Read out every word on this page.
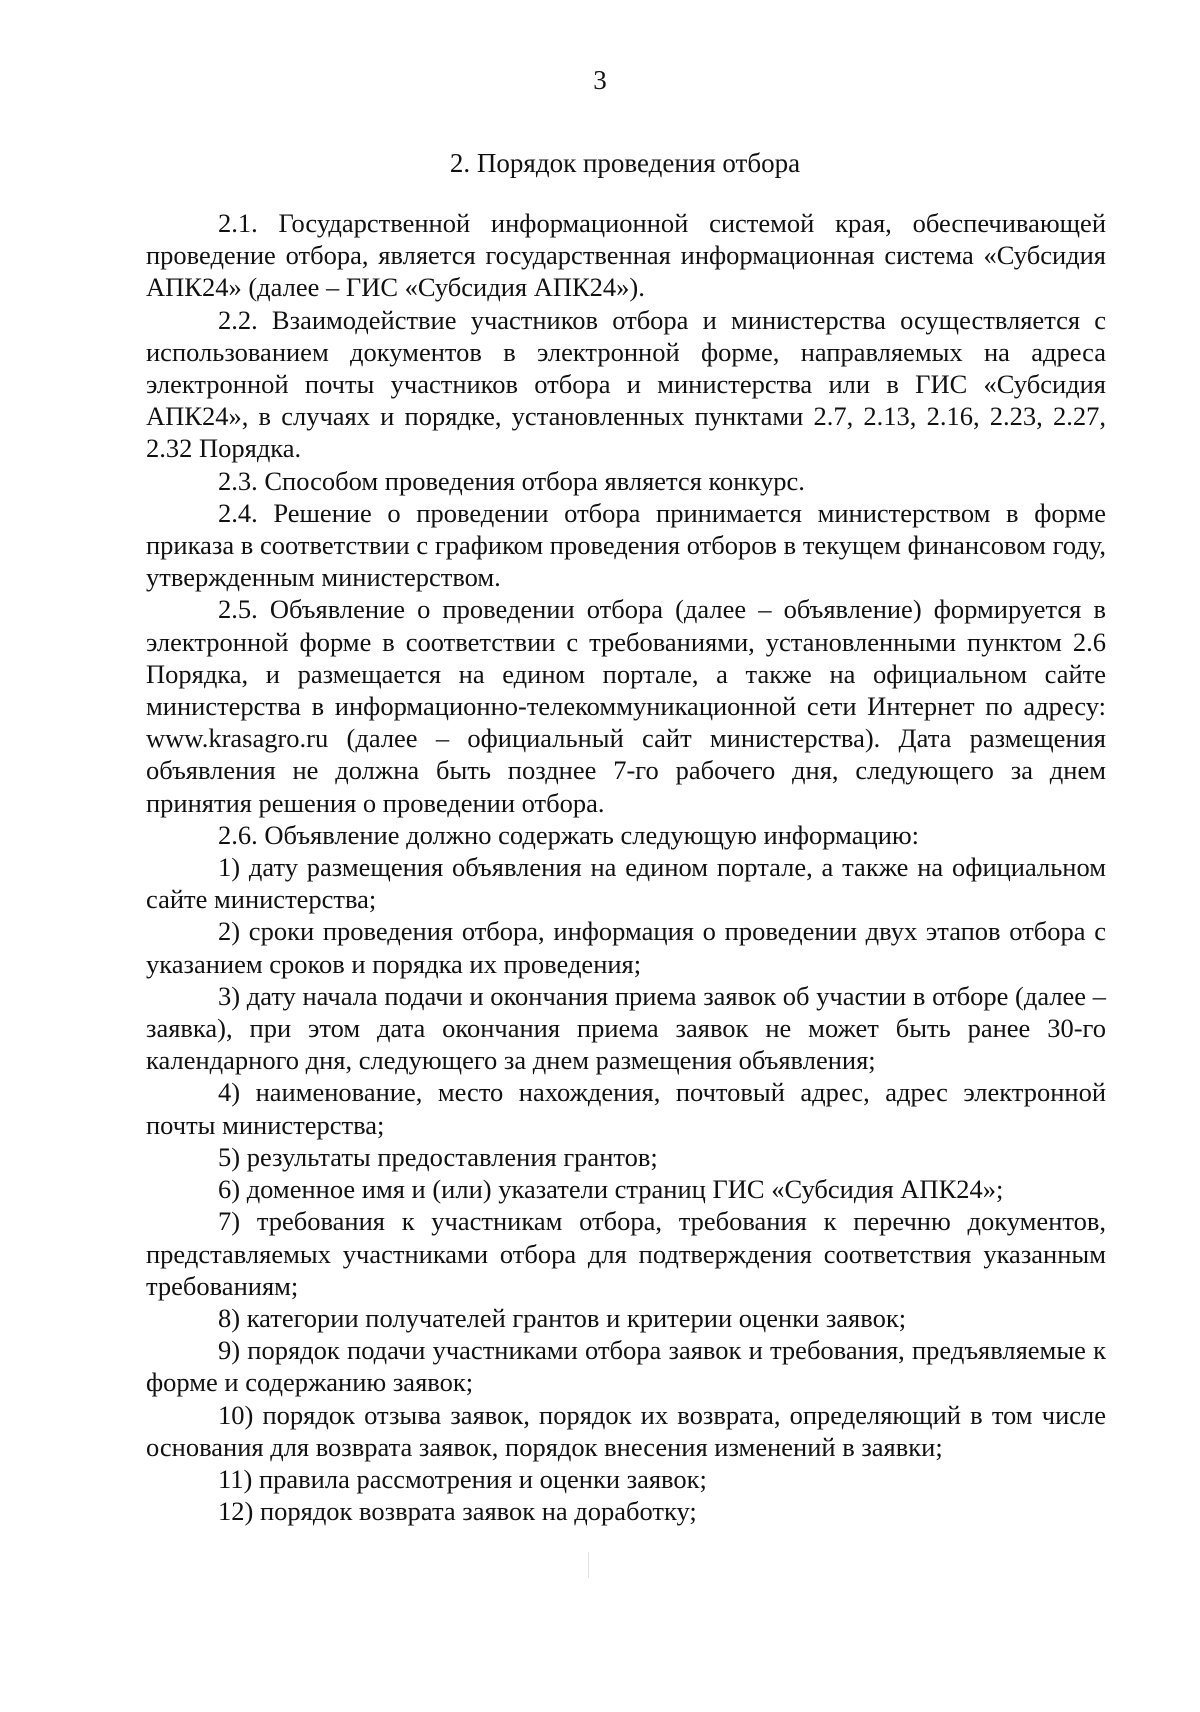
3
2. Порядок проведения отбора

2.1. Государственной информационной системой края, обеспечивающей проведение отбора, является государственная информационная система «Субсидия АПК24» (далее – ГИС «Субсидия АПК24»).

2.2. Взаимодействие участников отбора и министерства осуществляется с использованием документов в электронной форме, направляемых на адреса электронной почты участников отбора и министерства или в ГИС «Субсидия АПК24», в случаях и порядке, установленных пунктами 2.7, 2.13, 2.16, 2.23, 2.27, 2.32 Порядка.

2.3. Способом проведения отбора является конкурс.

2.4. Решение о проведении отбора принимается министерством в форме приказа в соответствии с графиком проведения отборов в текущем финансовом году, утвержденным министерством.

2.5. Объявление о проведении отбора (далее – объявление) формируется в электронной форме в соответствии с требованиями, установленными пунктом 2.6 Порядка, и размещается на едином портале, а также на официальном сайте министерства в информационно-телекоммуникационной сети Интернет по адресу: www.krasagro.ru (далее – официальный сайт министерства). Дата размещения объявления не должна быть позднее 7-го рабочего дня, следующего за днем принятия решения о проведении отбора.

2.6. Объявление должно содержать следующую информацию:

1) дату размещения объявления на едином портале, а также на официальном сайте министерства;

2) сроки проведения отбора, информация о проведении двух этапов отбора с указанием сроков и порядка их проведения;

3) дату начала подачи и окончания приема заявок об участии в отборе (далее – заявка), при этом дата окончания приема заявок не может быть ранее 30-го календарного дня, следующего за днем размещения объявления;

4) наименование, место нахождения, почтовый адрес, адрес электронной почты министерства;

5) результаты предоставления грантов;

6) доменное имя и (или) указатели страниц ГИС «Субсидия АПК24»;

7) требования к участникам отбора, требования к перечню документов, представляемых участниками отбора для подтверждения соответствия указанным требованиям;

8) категории получателей грантов и критерии оценки заявок;

9) порядок подачи участниками отбора заявок и требования, предъявляемые к форме и содержанию заявок;

10) порядок отзыва заявок, порядок их возврата, определяющий в том числе основания для возврата заявок, порядок внесения изменений в заявки;

11) правила рассмотрения и оценки заявок;

12) порядок возврата заявок на доработку;
